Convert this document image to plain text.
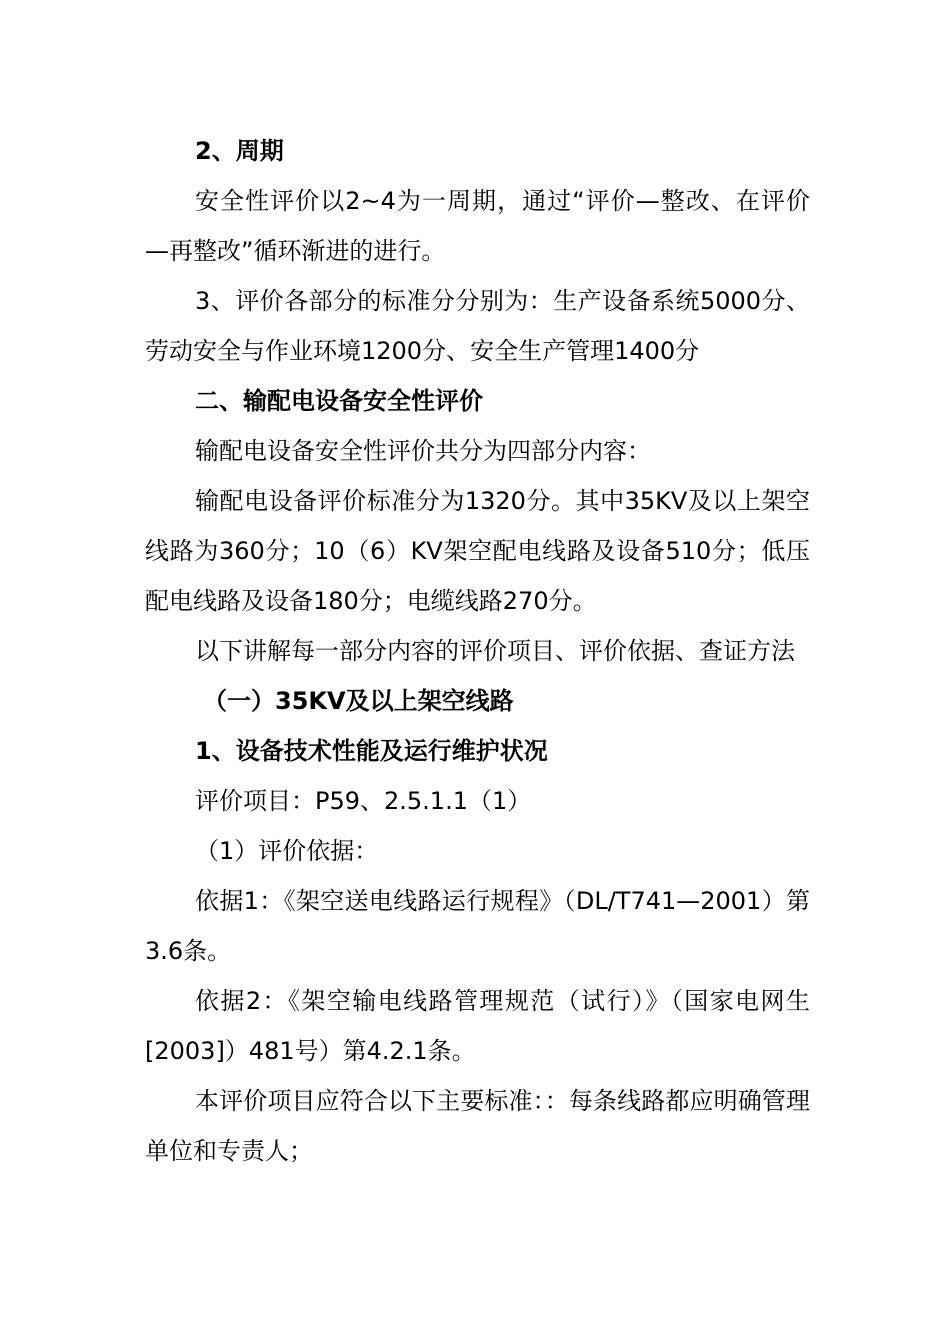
2、周期

安全性评价以2~4为一周期，通过“评价—整改、在评价—再整改”循环渐进的进行。

3、评价各部分的标准分分别为：生产设备系统5000分、劳动安全与作业环境1200分、安全生产管理1400分

二、输配电设备安全性评价

输配电设备安全性评价共分为四部分内容：

输配电设备评价标准分为1320分。其中35KV及以上架空线路为360分；10（6）KV架空配电线路及设备510分；低压配电线路及设备180分；电缆线路270分。

以下讲解每一部分内容的评价项目、评价依据、查证方法

（一）35KV及以上架空线路

1、设备技术性能及运行维护状况

评价项目：P59、2.5.1.1（1）

（1）评价依据：

依据1：《架空送电线路运行规程》（DL/T741—2001）第3.6条。

依据2：《架空输电线路管理规范（试行）》（国家电网生[2003]）481号）第4.2.1条。

本评价项目应符合以下主要标准：：每条线路都应明确管理单位和专责人；
